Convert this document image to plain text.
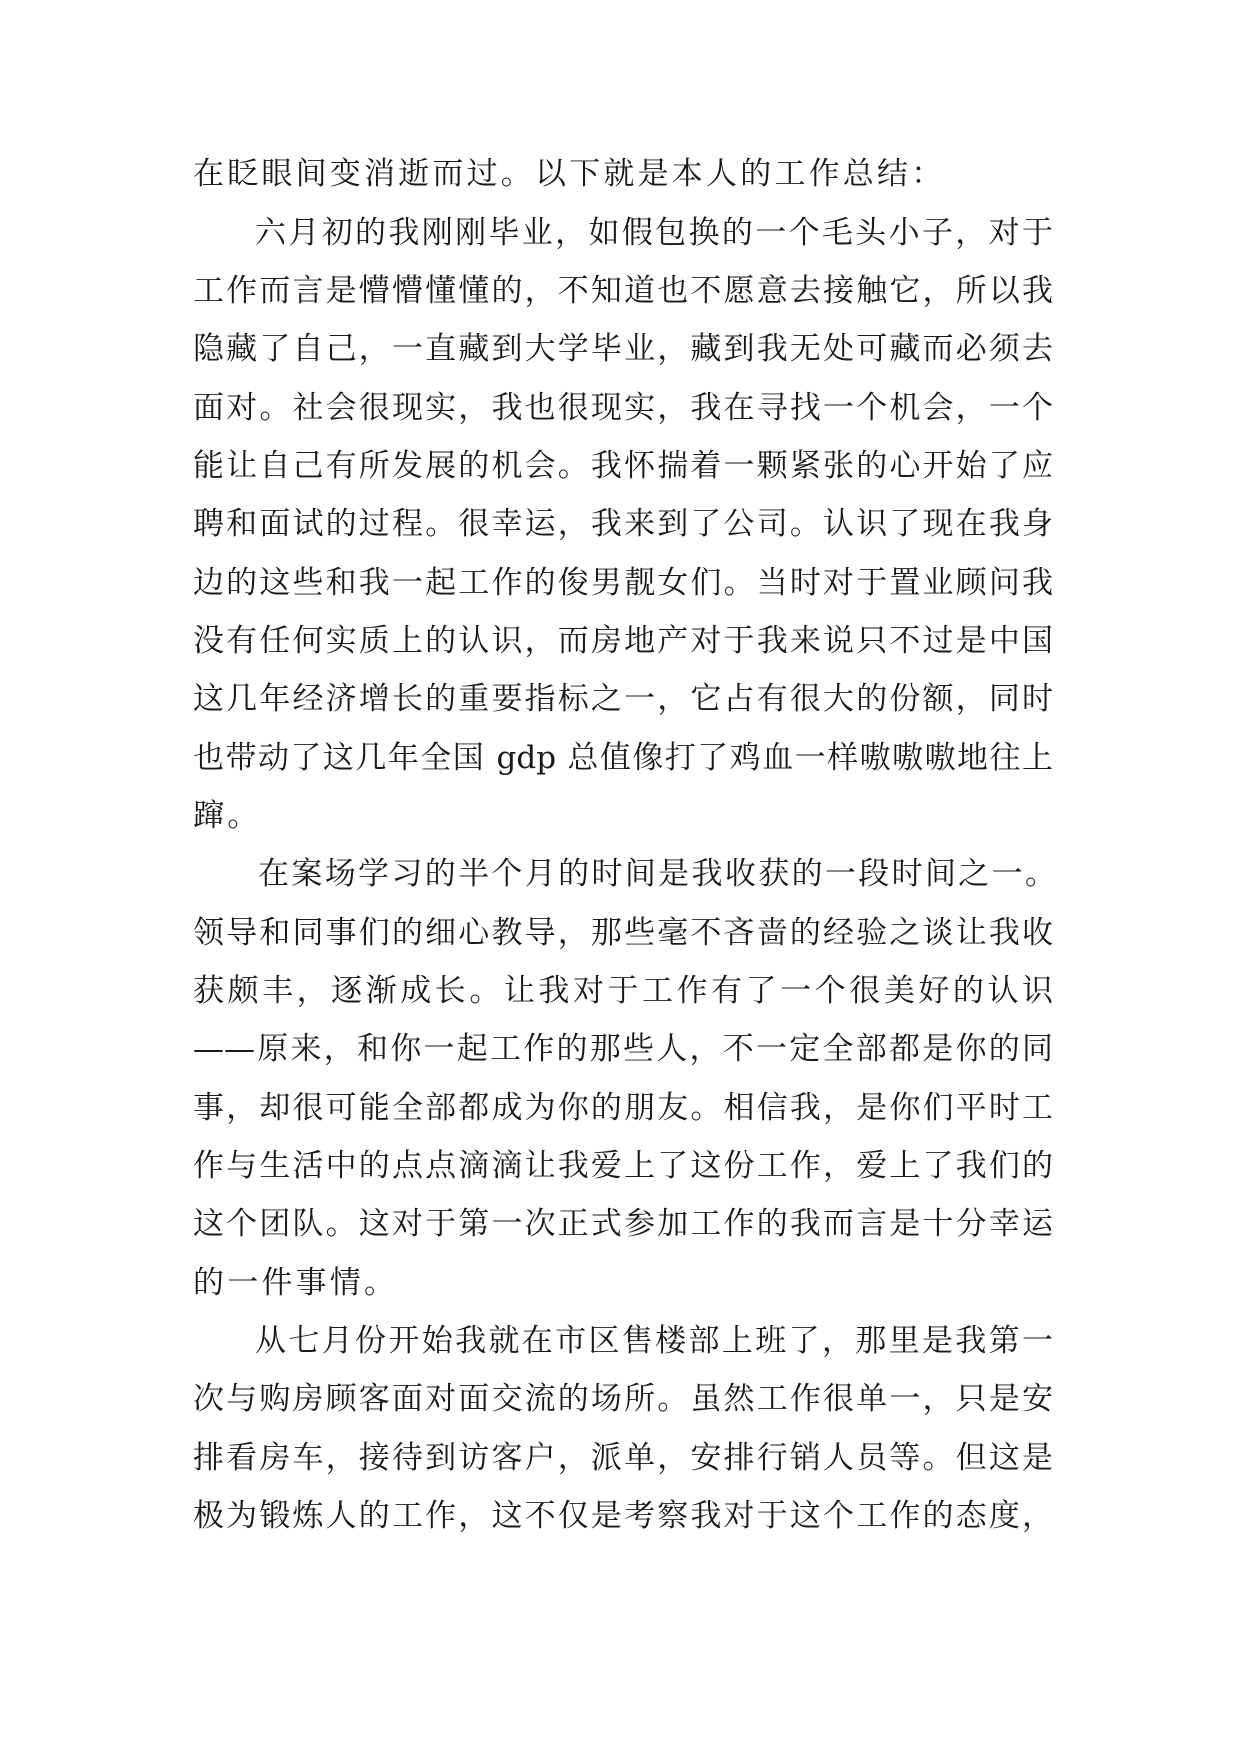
在眨眼间变消逝而过。以下就是本人的工作总结：

六月初的我刚刚毕业，如假包换的一个毛头小子，对于

工作而言是懵懵懂懂的，不知道也不愿意去接触它，所以我

隐藏了自己，一直藏到大学毕业，藏到我无处可藏而必须去

面对。社会很现实，我也很现实，我在寻找一个机会，一个

能让自己有所发展的机会。我怀揣着一颗紧张的心开始了应

聘和面试的过程。很幸运，我来到了公司。认识了现在我身

边的这些和我一起工作的俊男靓女们。当时对于置业顾问我

没有任何实质上的认识，而房地产对于我来说只不过是中国

这几年经济增长的重要指标之一，它占有很大的份额，同时

也带动了这几年全国 gdp 总值像打了鸡血一样嗷嗷嗷地往上

蹿。

在案场学习的半个月的时间是我收获的一段时间之一。

领导和同事们的细心教导，那些毫不吝啬的经验之谈让我收

获颇丰，逐渐成长。让我对于工作有了一个很美好的认识

——原来，和你一起工作的那些人，不一定全部都是你的同

事，却很可能全部都成为你的朋友。相信我，是你们平时工

作与生活中的点点滴滴让我爱上了这份工作，爱上了我们的

这个团队。这对于第一次正式参加工作的我而言是十分幸运

的一件事情。

从七月份开始我就在市区售楼部上班了，那里是我第一

次与购房顾客面对面交流的场所。虽然工作很单一，只是安

排看房车，接待到访客户，派单，安排行销人员等。但这是

极为锻炼人的工作，这不仅是考察我对于这个工作的态度，
